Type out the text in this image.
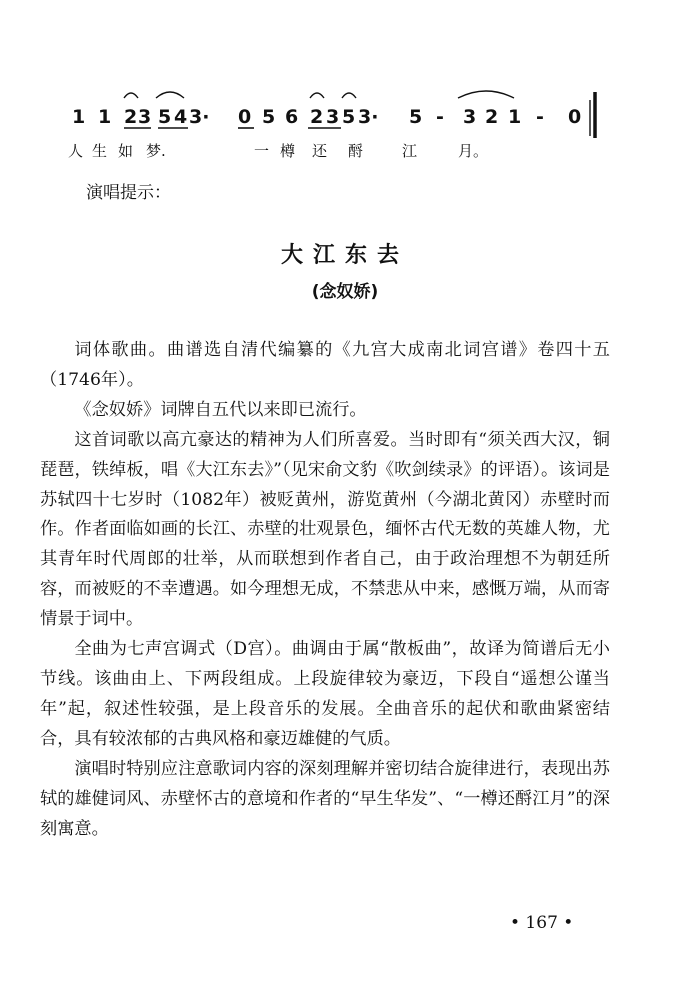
1 1 2 3 5 4 3· 0 5 6 2 3 5 3· 5 - 3 2 1 - 0
人 生 如 梦.	一 樽 还 酹	江	月。
演唱提示：
大江东去
(念奴娇)

词体歌曲。曲谱选自清代编纂的《九宫大成南北词宫谱》卷四十五（1746年）。

《念奴娇》词牌自五代以来即已流行。

这首词歌以高亢豪达的精神为人们所喜爱。当时即有“须关西大汉，铜琵琶，铁绰板，唱《大江东去》”（见宋俞文豹《吹剑续录》的评语）。该词是苏轼四十七岁时（1082年）被贬黄州，游览黄州（今湖北黄冈）赤壁时而作。作者面临如画的长江、赤壁的壮观景色，缅怀古代无数的英雄人物，尤其青年时代周郎的壮举，从而联想到作者自己，由于政治理想不为朝廷所容，而被贬的不幸遭遇。如今理想无成，不禁悲从中来，感慨万端，从而寄情景于词中。

全曲为七声宫调式（D宫）。曲调由于属“散板曲”，故译为简谱后无小节线。该曲由上、下两段组成。上段旋律较为豪迈，下段自“遥想公谨当年”起，叙述性较强，是上段音乐的发展。全曲音乐的起伏和歌曲紧密结合，具有较浓郁的古典风格和豪迈雄健的气质。

演唱时特别应注意歌词内容的深刻理解并密切结合旋律进行，表现出苏轼的雄健词风、赤壁怀古的意境和作者的“早生华发”、“一樽还酹江月”的深刻寓意。

• 167 •
